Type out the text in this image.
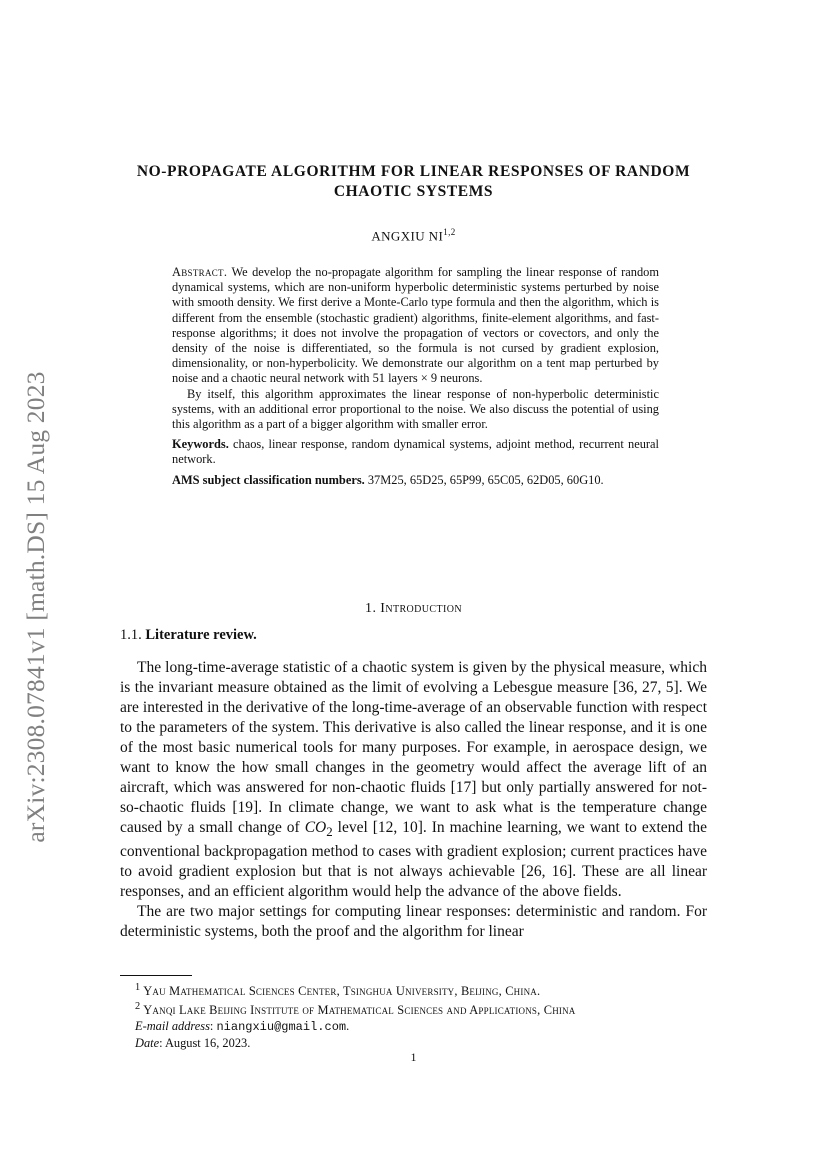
arXiv:2308.07841v1 [math.DS] 15 Aug 2023
NO-PROPAGATE ALGORITHM FOR LINEAR RESPONSES OF RANDOM CHAOTIC SYSTEMS
ANGXIU NI$^{1,2}$

Abstract. We develop the no-propagate algorithm for sampling the linear response of random dynamical systems, which are non-uniform hyperbolic deterministic systems perturbed by noise with smooth density. We first derive a Monte-Carlo type formula and then the algorithm, which is different from the ensemble (stochastic gradient) algorithms, finite-element algorithms, and fast-response algorithms; it does not involve the propagation of vectors or covectors, and only the density of the noise is differentiated, so the formula is not cursed by gradient explosion, dimensionality, or non-hyperbolicity. We demonstrate our algorithm on a tent map perturbed by noise and a chaotic neural network with 51 layers × 9 neurons.

By itself, this algorithm approximates the linear response of non-hyperbolic deterministic systems, with an additional error proportional to the noise. We also discuss the potential of using this algorithm as a part of a bigger algorithm with smaller error.

Keywords. chaos, linear response, random dynamical systems, adjoint method, recurrent neural network.

AMS subject classification numbers. 37M25, 65D25, 65P99, 65C05, 62D05, 60G10.

1. Introduction
1.1. Literature review.

The long-time-average statistic of a chaotic system is given by the physical measure, which is the invariant measure obtained as the limit of evolving a Lebesgue measure [36, 27, 5]. We are interested in the derivative of the long-time-average of an observable function with respect to the parameters of the system. This derivative is also called the linear response, and it is one of the most basic numerical tools for many purposes. For example, in aerospace design, we want to know the how small changes in the geometry would affect the average lift of an aircraft, which was answered for non-chaotic fluids [17] but only partially answered for not-so-chaotic fluids [19]. In climate change, we want to ask what is the temperature change caused by a small change of $CO_2$ level [12, 10]. In machine learning, we want to extend the conventional backpropagation method to cases with gradient explosion; current practices have to avoid gradient explosion but that is not always achievable [26, 16]. These are all linear responses, and an efficient algorithm would help the advance of the above fields.

The are two major settings for computing linear responses: deterministic and random. For deterministic systems, both the proof and the algorithm for linear

$^1$ Yau Mathematical Sciences Center, Tsinghua University, Beijing, China.

$^2$ Yanqi Lake Beijing Institute of Mathematical Sciences and Applications, China

E-mail address: niangxiu@gmail.com.

Date: August 16, 2023.

1
